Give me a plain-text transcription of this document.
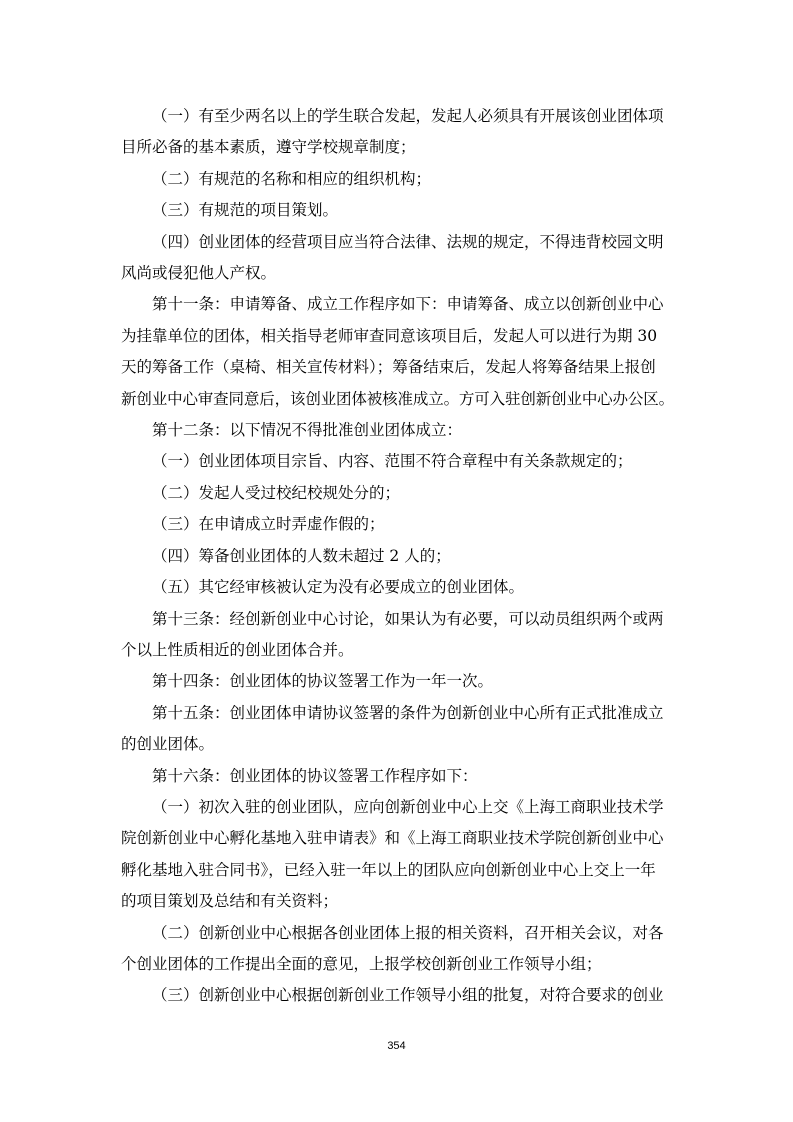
（一）有至少两名以上的学生联合发起，发起人必须具有开展该创业团体项
目所必备的基本素质，遵守学校规章制度；

（二）有规范的名称和相应的组织机构；

（三）有规范的项目策划。

（四）创业团体的经营项目应当符合法律、法规的规定，不得违背校园文明
风尚或侵犯他人产权。

第十一条：申请筹备、成立工作程序如下：申请筹备、成立以创新创业中心
为挂靠单位的团体，相关指导老师审查同意该项目后，发起人可以进行为期 30
天的筹备工作（桌椅、相关宣传材料）；筹备结束后，发起人将筹备结果上报创
新创业中心审查同意后，该创业团体被核准成立。方可入驻创新创业中心办公区。

第十二条：以下情况不得批准创业团体成立：

（一）创业团体项目宗旨、内容、范围不符合章程中有关条款规定的；

（二）发起人受过校纪校规处分的；

（三）在申请成立时弄虚作假的；

（四）筹备创业团体的人数未超过 2 人的；

（五）其它经审核被认定为没有必要成立的创业团体。

第十三条：经创新创业中心讨论，如果认为有必要，可以动员组织两个或两
个以上性质相近的创业团体合并。

第十四条：创业团体的协议签署工作为一年一次。

第十五条：创业团体申请协议签署的条件为创新创业中心所有正式批准成立
的创业团体。

第十六条：创业团体的协议签署工作程序如下：

（一）初次入驻的创业团队，应向创新创业中心上交《上海工商职业技术学
院创新创业中心孵化基地入驻申请表》和《上海工商职业技术学院创新创业中心
孵化基地入驻合同书》，已经入驻一年以上的团队应向创新创业中心上交上一年
的项目策划及总结和有关资料；

（二）创新创业中心根据各创业团体上报的相关资料，召开相关会议，对各
个创业团体的工作提出全面的意见，上报学校创新创业工作领导小组；

（三）创新创业中心根据创新创业工作领导小组的批复，对符合要求的创业

354
